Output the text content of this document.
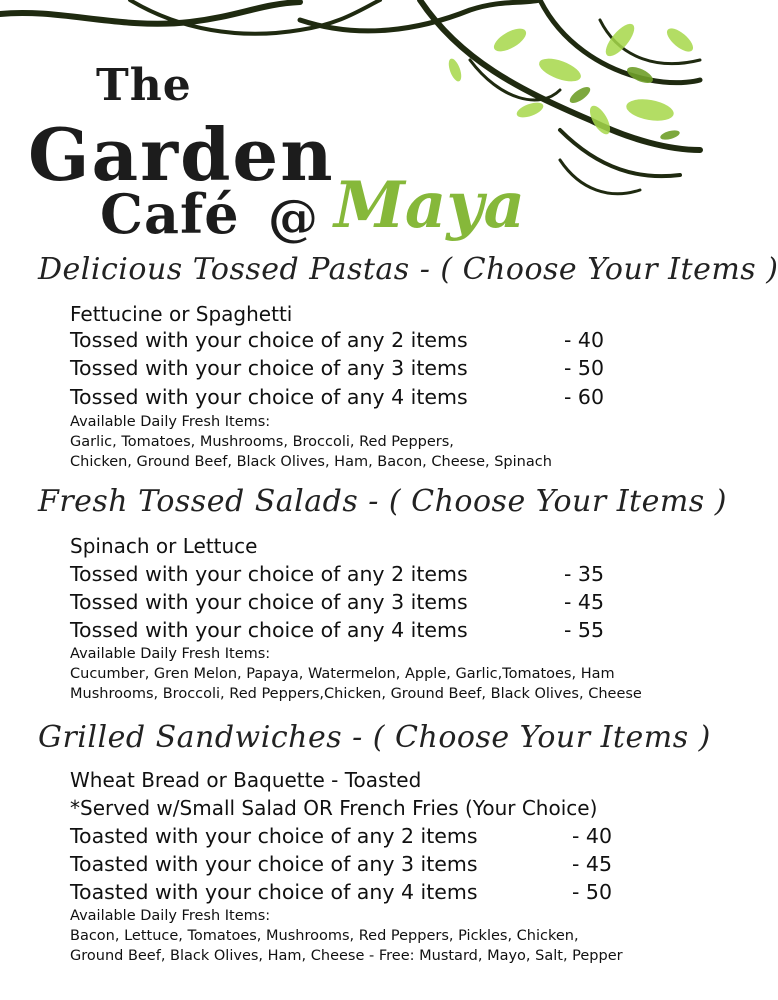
The
Garden
Café @ Maya
Delicious Tossed Pastas - ( Choose Your Items )
Fettucine or Spaghetti
Tossed with your choice of any 2 items	- 40
Tossed with your choice of any 3 items	- 50
Tossed with your choice of any 4 items	- 60
Available Daily Fresh Items:
Garlic, Tomatoes, Mushrooms, Broccoli, Red Peppers,
Chicken, Ground Beef, Black Olives, Ham, Bacon, Cheese, Spinach
Fresh Tossed Salads - ( Choose Your Items )
Spinach or Lettuce
Tossed with your choice of any 2 items	- 35
Tossed with your choice of any 3 items	- 45
Tossed with your choice of any 4 items	- 55
Available Daily Fresh Items:
Cucumber, Gren Melon, Papaya, Watermelon, Apple, Garlic,Tomatoes, Ham
Mushrooms, Broccoli, Red Peppers,Chicken, Ground Beef, Black Olives, Cheese
Grilled Sandwiches - ( Choose Your Items )
Wheat Bread or Baquette - Toasted
*Served w/Small Salad OR French Fries (Your Choice)
Toasted with your choice of any 2 items	- 40
Toasted with your choice of any 3 items	- 45
Toasted with your choice of any 4 items	- 50
Available Daily Fresh Items:
Bacon, Lettuce, Tomatoes, Mushrooms, Red Peppers, Pickles, Chicken,
Ground Beef, Black Olives, Ham, Cheese - Free: Mustard, Mayo, Salt, Pepper
